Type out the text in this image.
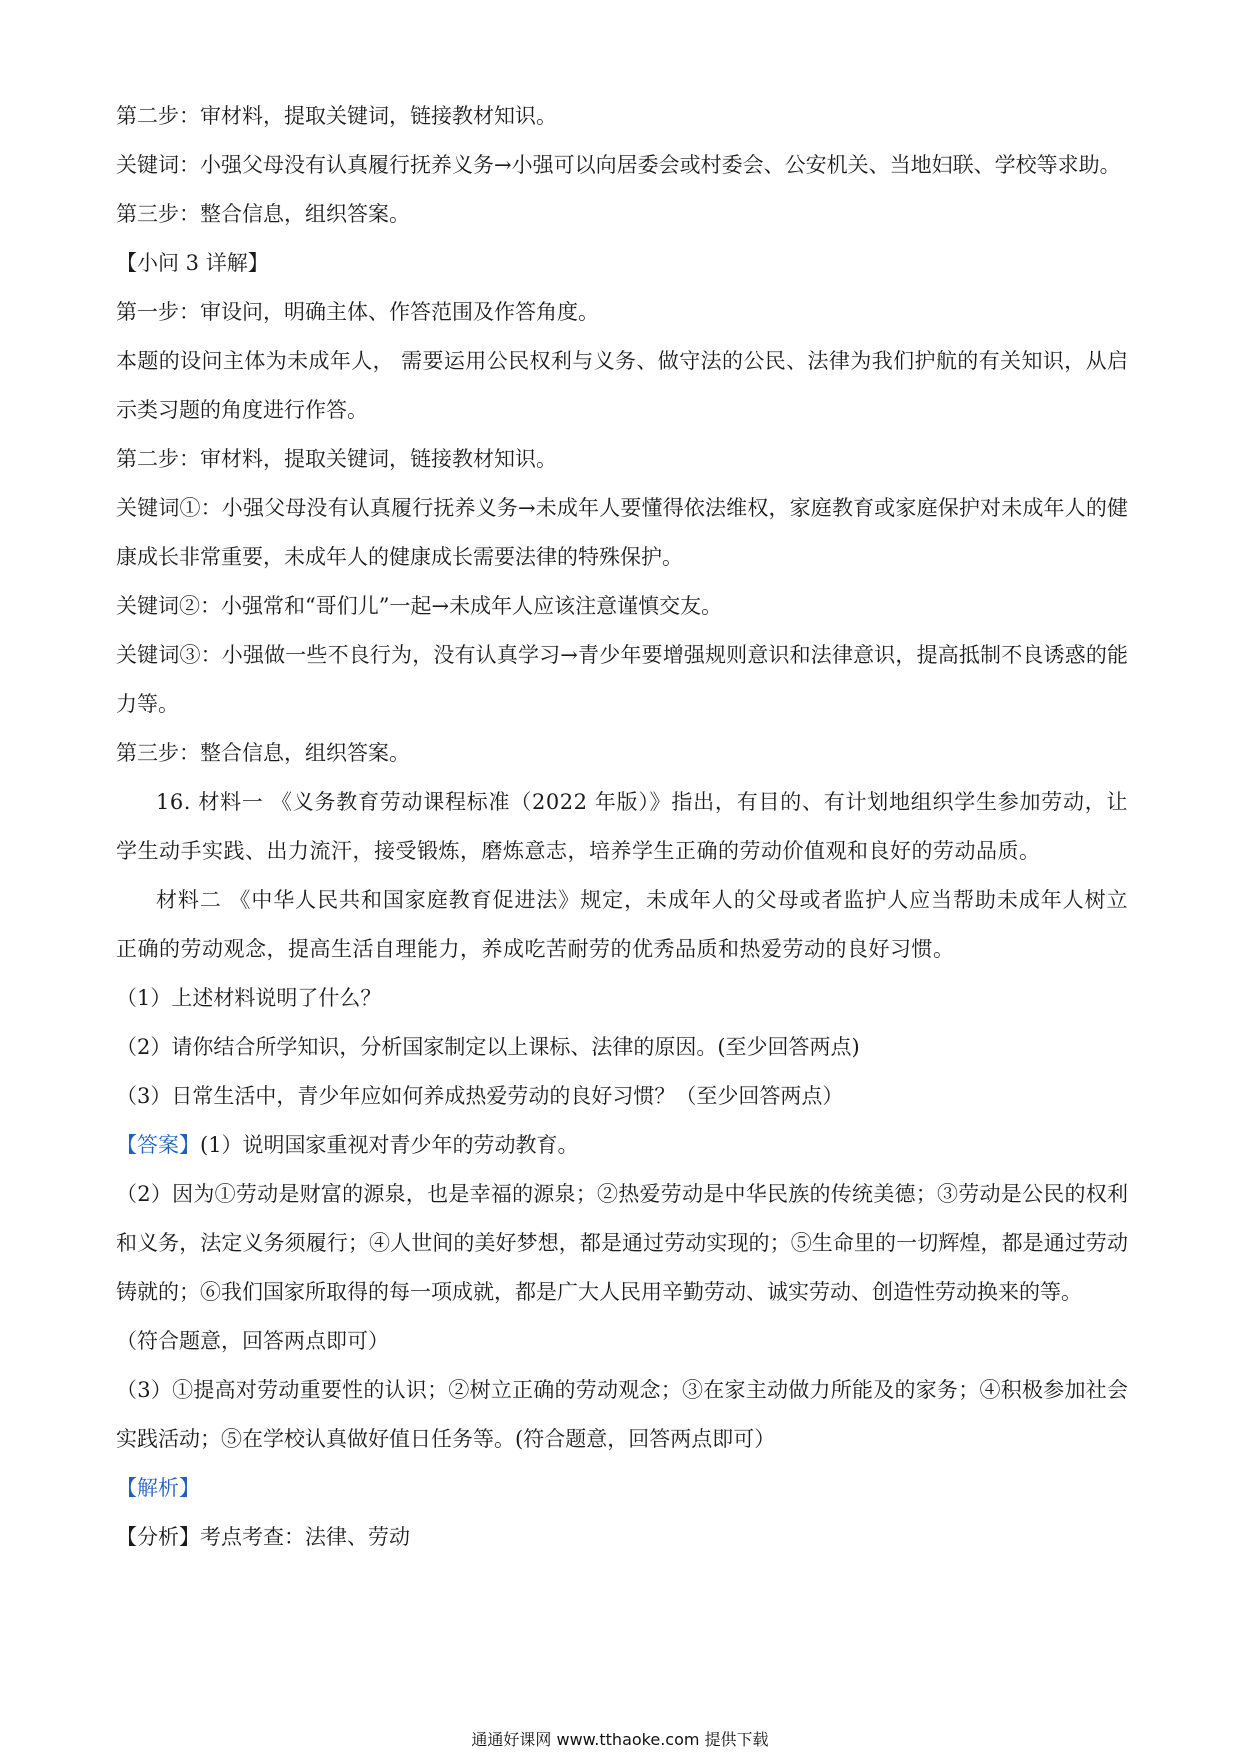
第二步：审材料，提取关键词，链接教材知识。

关键词：小强父母没有认真履行抚养义务→小强可以向居委会或村委会、公安机关、当地妇联、学校等求助。

第三步：整合信息，组织答案。

【小问 3 详解】

第一步：审设问，明确主体、作答范围及作答角度。

本题的设问主体为未成年人， 需要运用公民权利与义务、做守法的公民、法律为我们护航的有关知识，从启示类习题的角度进行作答。

第二步：审材料，提取关键词，链接教材知识。

关键词①：小强父母没有认真履行抚养义务→未成年人要懂得依法维权，家庭教育或家庭保护对未成年人的健康成长非常重要，未成年人的健康成长需要法律的特殊保护。

关键词②：小强常和“哥们儿”一起→未成年人应该注意谨慎交友。

关键词③：小强做一些不良行为，没有认真学习→青少年要增强规则意识和法律意识，提高抵制不良诱惑的能力等。

第三步：整合信息，组织答案。

16. 材料一 《义务教育劳动课程标准（2022 年版）》指出，有目的、有计划地组织学生参加劳动，让学生动手实践、出力流汗，接受锻炼，磨炼意志，培养学生正确的劳动价值观和良好的劳动品质。

材料二 《中华人民共和国家庭教育促进法》规定，未成年人的父母或者监护人应当帮助未成年人树立正确的劳动观念，提高生活自理能力，养成吃苦耐劳的优秀品质和热爱劳动的良好习惯。

（1）上述材料说明了什么？

（2）请你结合所学知识，分析国家制定以上课标、法律的原因。(至少回答两点)

（3）日常生活中，青少年应如何养成热爱劳动的良好习惯？（至少回答两点）

【答案】(1）说明国家重视对青少年的劳动教育。

（2）因为①劳动是财富的源泉，也是幸福的源泉；②热爱劳动是中华民族的传统美德；③劳动是公民的权利和义务，法定义务须履行；④人世间的美好梦想，都是通过劳动实现的；⑤生命里的一切辉煌，都是通过劳动铸就的；⑥我们国家所取得的每一项成就，都是广大人民用辛勤劳动、诚实劳动、创造性劳动换来的等。

（符合题意，回答两点即可）

（3）①提高对劳动重要性的认识；②树立正确的劳动观念；③在家主动做力所能及的家务；④积极参加社会实践活动；⑤在学校认真做好值日任务等。(符合题意，回答两点即可）

【解析】

【分析】考点考查：法律、劳动

通通好课网 www.tthaoke.com 提供下载
